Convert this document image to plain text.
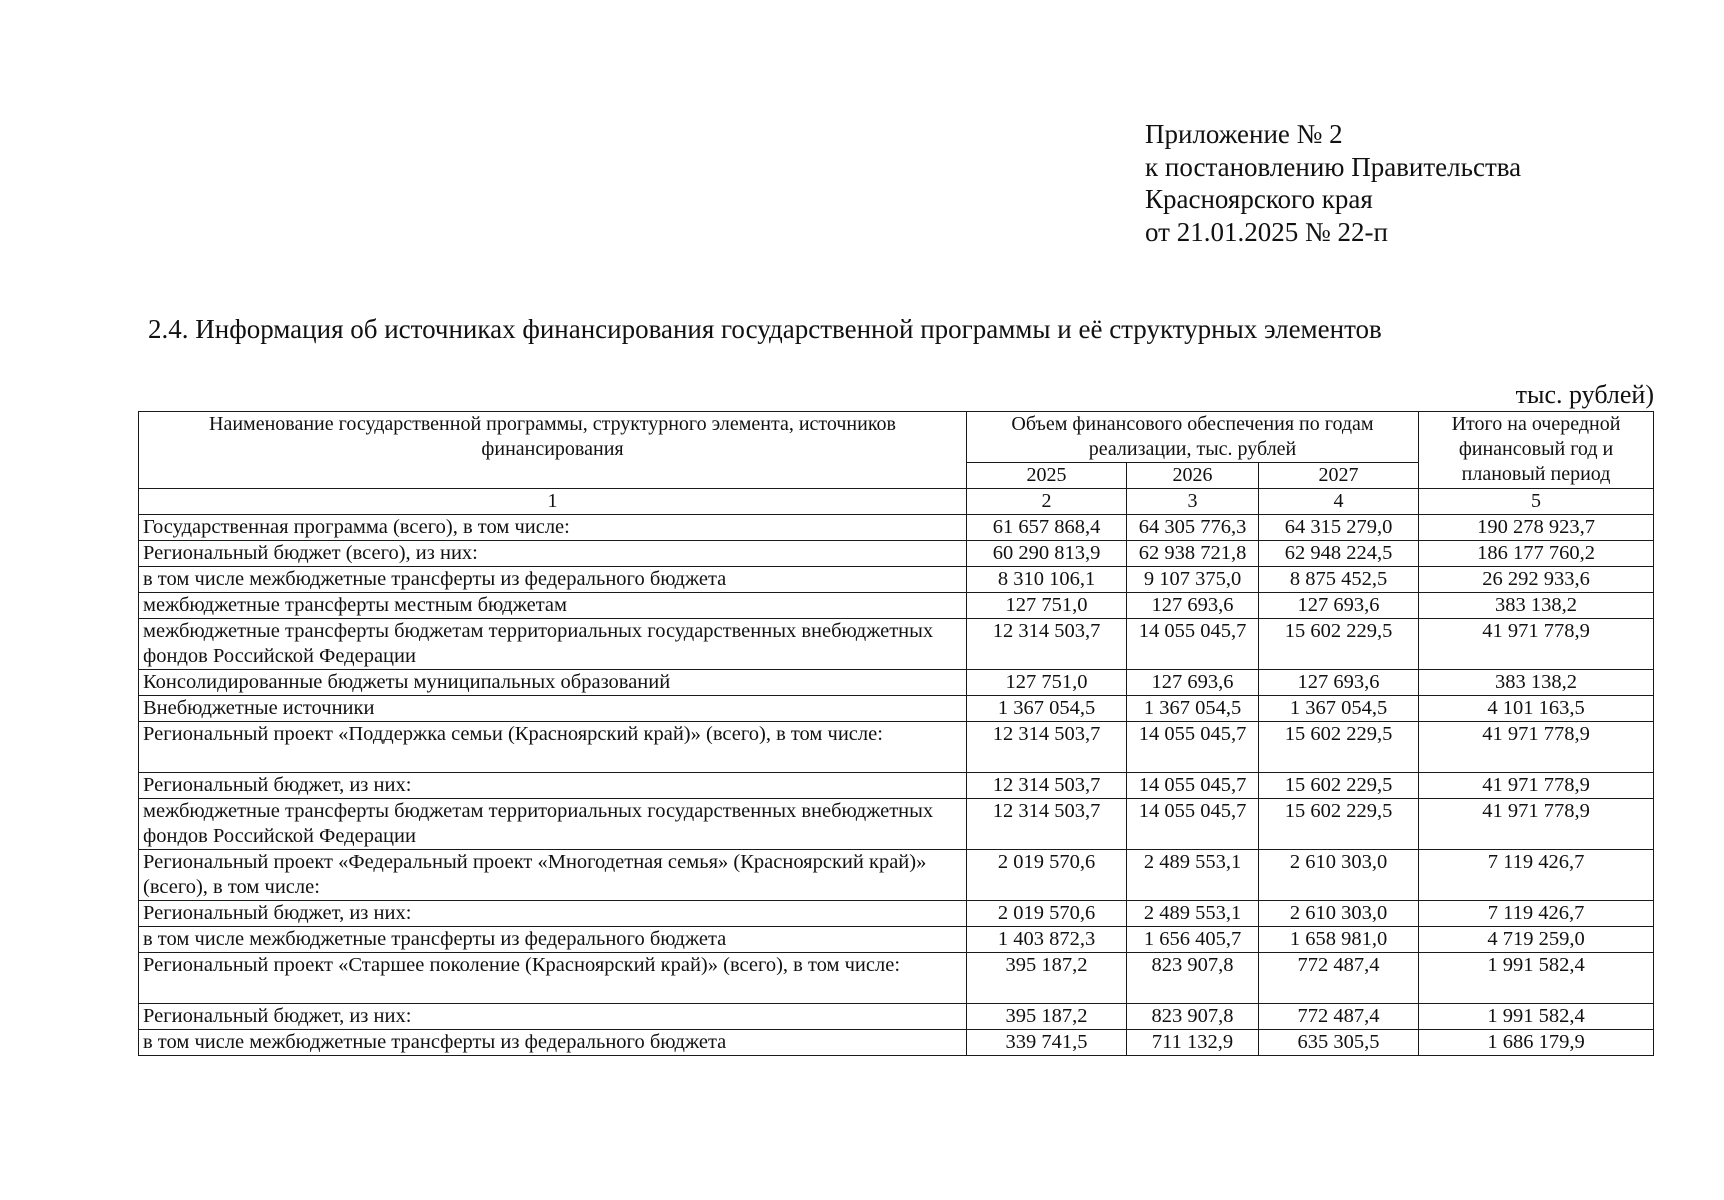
Приложение № 2
к постановлению Правительства
Красноярского края
от 21.01.2025 № 22-п
2.4. Информация об источниках финансирования государственной программы и её структурных элементов
тыс. рублей)
Наименование государственной программы, структурного элемента, источников финансирования	Объем финансового обеспечения по годам реализации, тыс. рублей			Итого на очередной финансовый год и плановый период
	2025	2026	2027	
1	2	3	4	5
Государственная программа (всего), в том числе:	61 657 868,4	64 305 776,3	64 315 279,0	190 278 923,7
Региональный бюджет (всего), из них:	60 290 813,9	62 938 721,8	62 948 224,5	186 177 760,2
в том числе межбюджетные трансферты из федерального бюджета	8 310 106,1	9 107 375,0	8 875 452,5	26 292 933,6
межбюджетные трансферты местным бюджетам	127 751,0	127 693,6	127 693,6	383 138,2
межбюджетные трансферты бюджетам территориальных государственных внебюджетных фондов Российской Федерации	12 314 503,7	14 055 045,7	15 602 229,5	41 971 778,9
Консолидированные бюджеты муниципальных образований	127 751,0	127 693,6	127 693,6	383 138,2
Внебюджетные источники	1 367 054,5	1 367 054,5	1 367 054,5	4 101 163,5
Региональный проект «Поддержка семьи (Красноярский край)» (всего), в том числе:	12 314 503,7	14 055 045,7	15 602 229,5	41 971 778,9
Региональный бюджет, из них:	12 314 503,7	14 055 045,7	15 602 229,5	41 971 778,9
межбюджетные трансферты бюджетам территориальных государственных внебюджетных фондов Российской Федерации	12 314 503,7	14 055 045,7	15 602 229,5	41 971 778,9
Региональный проект «Федеральный проект «Многодетная семья» (Красноярский край)» (всего), в том числе:	2 019 570,6	2 489 553,1	2 610 303,0	7 119 426,7
Региональный бюджет, из них:	2 019 570,6	2 489 553,1	2 610 303,0	7 119 426,7
в том числе межбюджетные трансферты из федерального бюджета	1 403 872,3	1 656 405,7	1 658 981,0	4 719 259,0
Региональный проект «Старшее поколение (Красноярский край)» (всего), в том числе:	395 187,2	823 907,8	772 487,4	1 991 582,4
Региональный бюджет, из них:	395 187,2	823 907,8	772 487,4	1 991 582,4
в том числе межбюджетные трансферты из федерального бюджета	339 741,5	711 132,9	635 305,5	1 686 179,9
